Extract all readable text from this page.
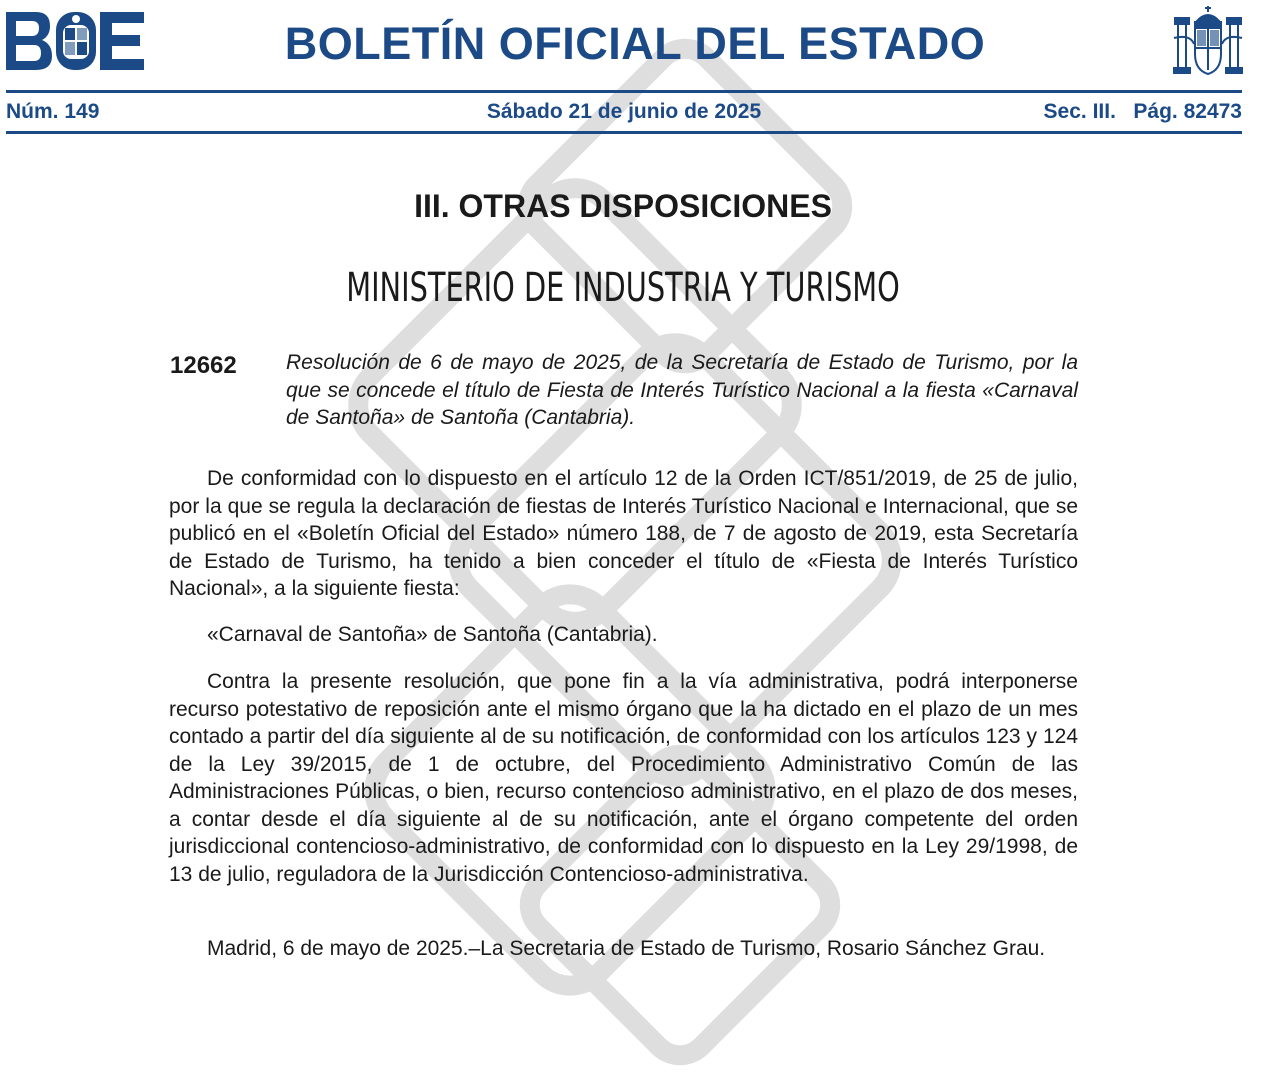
BOLETÍN OFICIAL DEL ESTADO
Núm. 149	Sábado 21 de junio de 2025	Sec. III.   Pág. 82473
III. OTRAS DISPOSICIONES
MINISTERIO DE INDUSTRIA Y TURISMO
12662 Resolución de 6 de mayo de 2025, de la Secretaría de Estado de Turismo, por la que se concede el título de Fiesta de Interés Turístico Nacional a la fiesta «Carnaval de Santoña» de Santoña (Cantabria).

De conformidad con lo dispuesto en el artículo 12 de la Orden ICT/851/2019, de 25 de julio, por la que se regula la declaración de fiestas de Interés Turístico Nacional e Internacional, que se publicó en el «Boletín Oficial del Estado» número 188, de 7 de agosto de 2019, esta Secretaría de Estado de Turismo, ha tenido a bien conceder el título de «Fiesta de Interés Turístico Nacional», a la siguiente fiesta:

«Carnaval de Santoña» de Santoña (Cantabria).

Contra la presente resolución, que pone fin a la vía administrativa, podrá interponerse recurso potestativo de reposición ante el mismo órgano que la ha dictado en el plazo de un mes contado a partir del día siguiente al de su notificación, de conformidad con los artículos 123 y 124 de la Ley 39/2015, de 1 de octubre, del Procedimiento Administrativo Común de las Administraciones Públicas, o bien, recurso contencioso administrativo, en el plazo de dos meses, a contar desde el día siguiente al de su notificación, ante el órgano competente del orden jurisdiccional contencioso-administrativo, de conformidad con lo dispuesto en la Ley 29/1998, de 13 de julio, reguladora de la Jurisdicción Contencioso-administrativa.

Madrid, 6 de mayo de 2025.–La Secretaria de Estado de Turismo, Rosario Sánchez Grau.
